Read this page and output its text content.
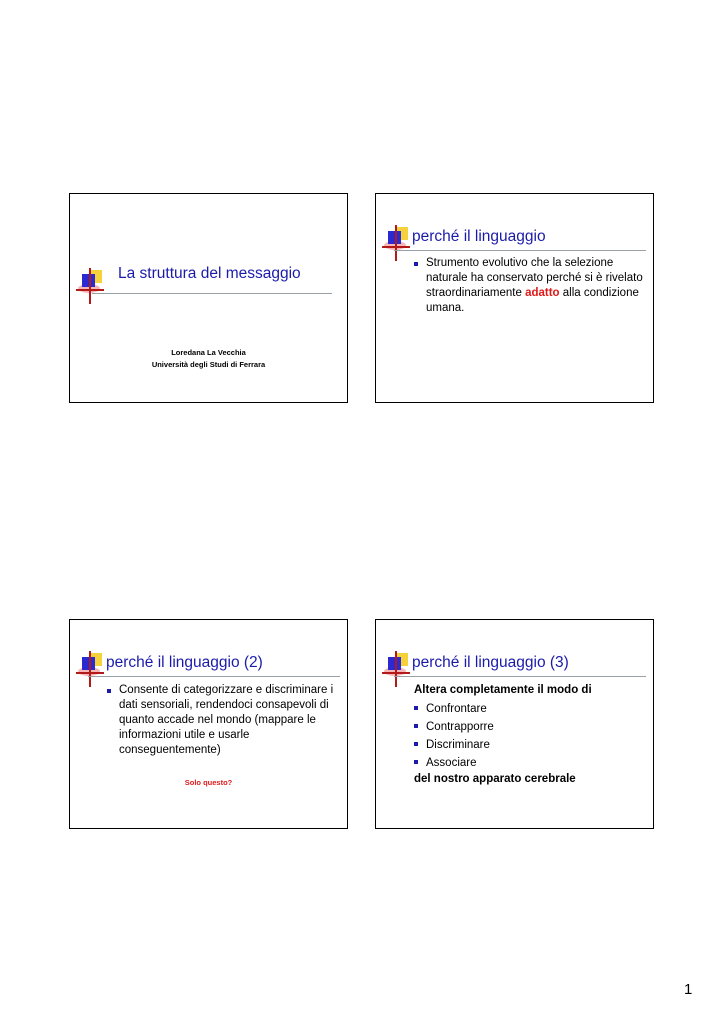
La struttura del messaggio
Loredana La Vecchia
Università degli Studi di Ferrara
perché il linguaggio
Strumento evolutivo che la selezione naturale ha conservato perché si è rivelato straordinariamente adatto alla condizione umana.
perché il linguaggio (2)
Consente di categorizzare e discriminare i dati sensoriali, rendendoci consapevoli di quanto accade nel mondo (mappare le informazioni utile e usarle conseguentemente)
Solo questo?
perché il linguaggio (3)
Altera completamente il modo di
Confrontare
Contrapporre
Discriminare
Associare
del nostro apparato cerebrale
1
